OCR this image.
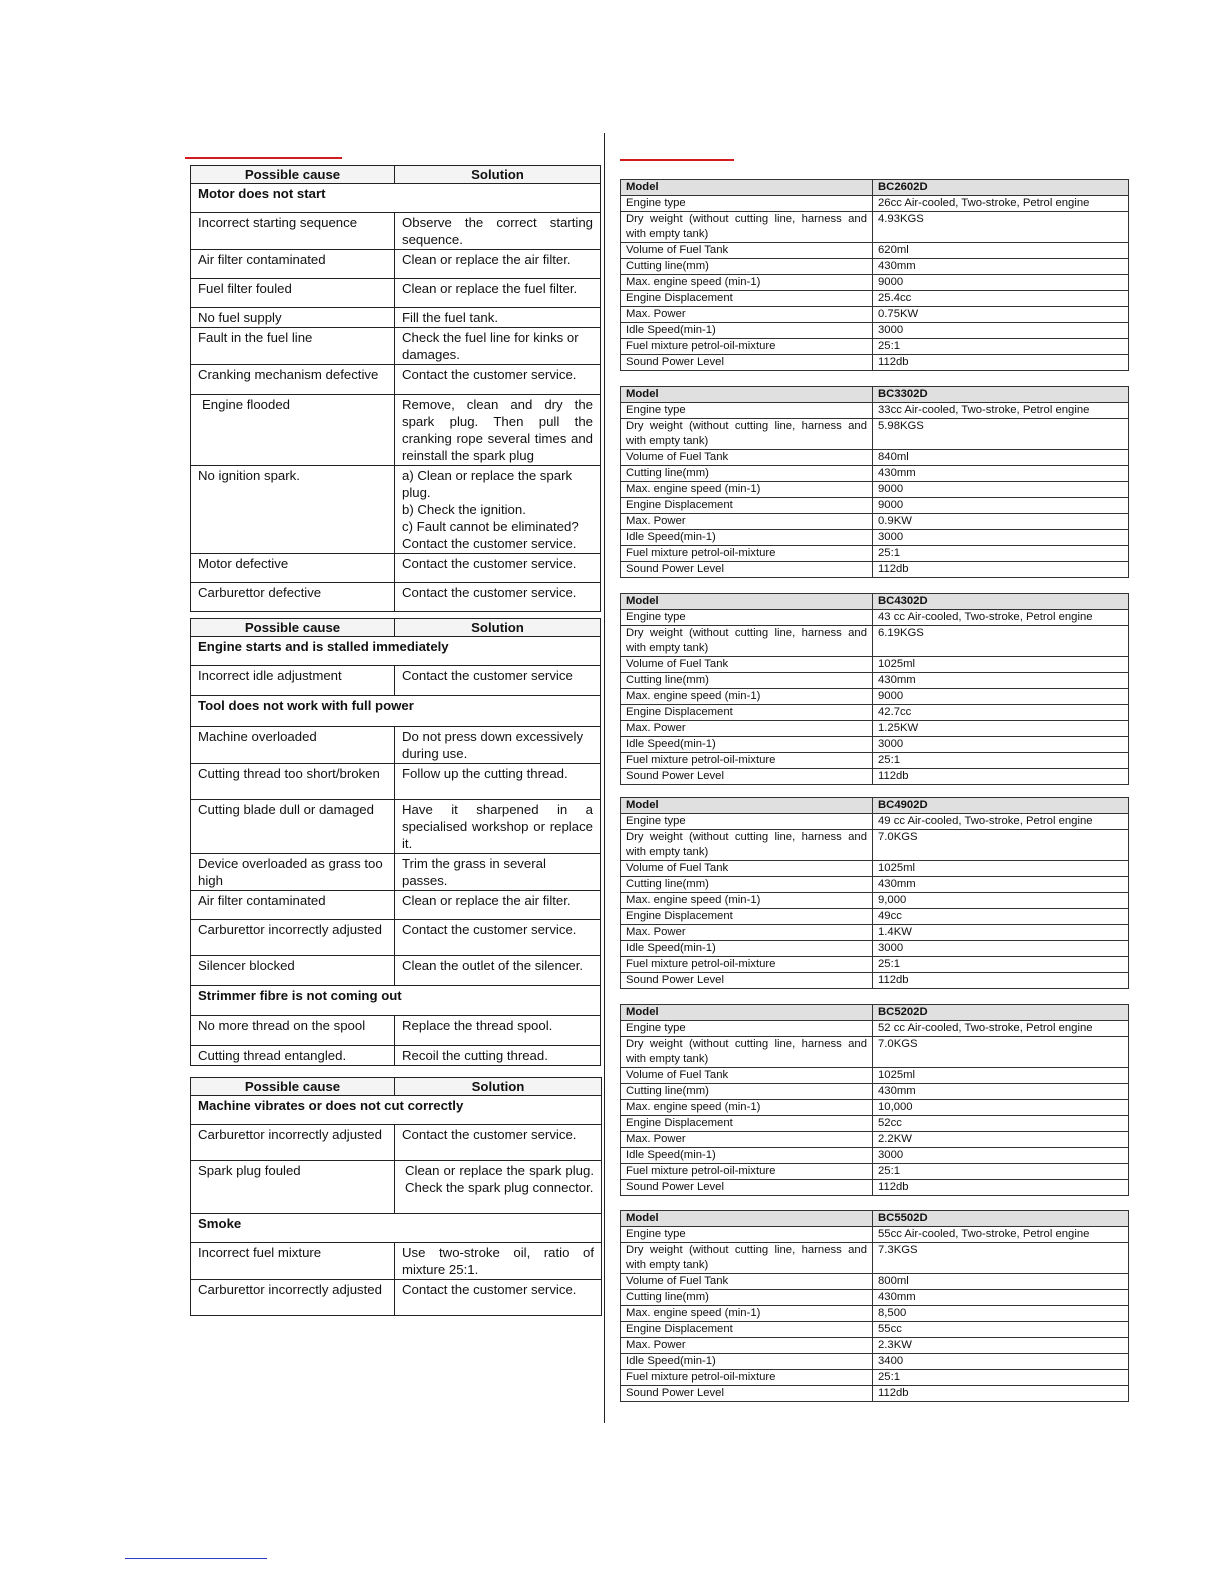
Possible cause	Solution
Motor does not start	
Incorrect starting sequence	Observe the correct starting sequence.
Air filter contaminated	Clean or replace the air filter.
Fuel filter fouled	Clean or replace the fuel filter.
No fuel supply	Fill the fuel tank.
Fault in the fuel line	Check the fuel line for kinks or damages.
Cranking mechanism defective	Contact the customer service.
Engine flooded	Remove, clean and dry the spark plug. Then pull the cranking rope several times and reinstall the spark plug
No ignition spark.	a) Clean or replace the spark plug.
b) Check the ignition.
c) Fault cannot be eliminated? Contact the customer service.
Motor defective	Contact the customer service.
Carburettor defective	Contact the customer service.
Possible cause	Solution
Engine starts and is stalled immediately	
Incorrect idle adjustment	Contact the customer service
Tool does not work with full power	
Machine overloaded	Do not press down excessively during use.
Cutting thread too short/broken	Follow up the cutting thread.
Cutting blade dull or damaged	Have it sharpened in a specialised workshop or replace it.
Device overloaded as grass too high	Trim the grass in several passes.
Air filter contaminated	Clean or replace the air filter.
Carburettor incorrectly adjusted	Contact the customer service.
Silencer blocked	Clean the outlet of the silencer.
Strimmer fibre is not coming out	
No more thread on the spool	Replace the thread spool.
Cutting thread entangled.	Recoil the cutting thread.
Possible cause	Solution
Machine vibrates or does not cut correctly	
Carburettor incorrectly adjusted	Contact the customer service.
Spark plug fouled	Clean or replace the spark plug. Check the spark plug connector.
Smoke	
Incorrect fuel mixture	Use two-stroke oil, ratio of mixture 25:1.
Carburettor incorrectly adjusted	Contact the customer service.
Model	BC2602D
Engine type	26cc Air-cooled, Two-stroke, Petrol engine
Dry weight (without cutting line, harness and with empty tank)	4.93KGS
Volume of Fuel Tank	620ml
Cutting line(mm)	430mm
Max. engine speed (min-1)	9000
Engine Displacement	25.4cc
Max. Power	0.75KW
Idle Speed(min-1)	3000
Fuel mixture petrol-oil-mixture	25:1
Sound Power Level	112db
Model	BC3302D
Engine type	33cc Air-cooled, Two-stroke, Petrol engine
Dry weight (without cutting line, harness and with empty tank)	5.98KGS
Volume of Fuel Tank	840ml
Cutting line(mm)	430mm
Max. engine speed (min-1)	9000
Engine Displacement	9000
Max. Power	0.9KW
Idle Speed(min-1)	3000
Fuel mixture petrol-oil-mixture	25:1
Sound Power Level	112db
Model	BC4302D
Engine type	43 cc Air-cooled, Two-stroke, Petrol engine
Dry weight (without cutting line, harness and with empty tank)	6.19KGS
Volume of Fuel Tank	1025ml
Cutting line(mm)	430mm
Max. engine speed (min-1)	9000
Engine Displacement	42.7cc
Max. Power	1.25KW
Idle Speed(min-1)	3000
Fuel mixture petrol-oil-mixture	25:1
Sound Power Level	112db
Model	BC4902D
Engine type	49 cc Air-cooled, Two-stroke, Petrol engine
Dry weight (without cutting line, harness and with empty tank)	7.0KGS
Volume of Fuel Tank	1025ml
Cutting line(mm)	430mm
Max. engine speed (min-1)	9,000
Engine Displacement	49cc
Max. Power	1.4KW
Idle Speed(min-1)	3000
Fuel mixture petrol-oil-mixture	25:1
Sound Power Level	112db
Model	BC5202D
Engine type	52 cc Air-cooled, Two-stroke, Petrol engine
Dry weight (without cutting line, harness and with empty tank)	7.0KGS
Volume of Fuel Tank	1025ml
Cutting line(mm)	430mm
Max. engine speed (min-1)	10,000
Engine Displacement	52cc
Max. Power	2.2KW
Idle Speed(min-1)	3000
Fuel mixture petrol-oil-mixture	25:1
Sound Power Level	112db
Model	BC5502D
Engine type	55cc Air-cooled, Two-stroke, Petrol engine
Dry weight (without cutting line, harness and with empty tank)	7.3KGS
Volume of Fuel Tank	800ml
Cutting line(mm)	430mm
Max. engine speed (min-1)	8,500
Engine Displacement	55cc
Max. Power	2.3KW
Idle Speed(min-1)	3400
Fuel mixture petrol-oil-mixture	25:1
Sound Power Level	112db
